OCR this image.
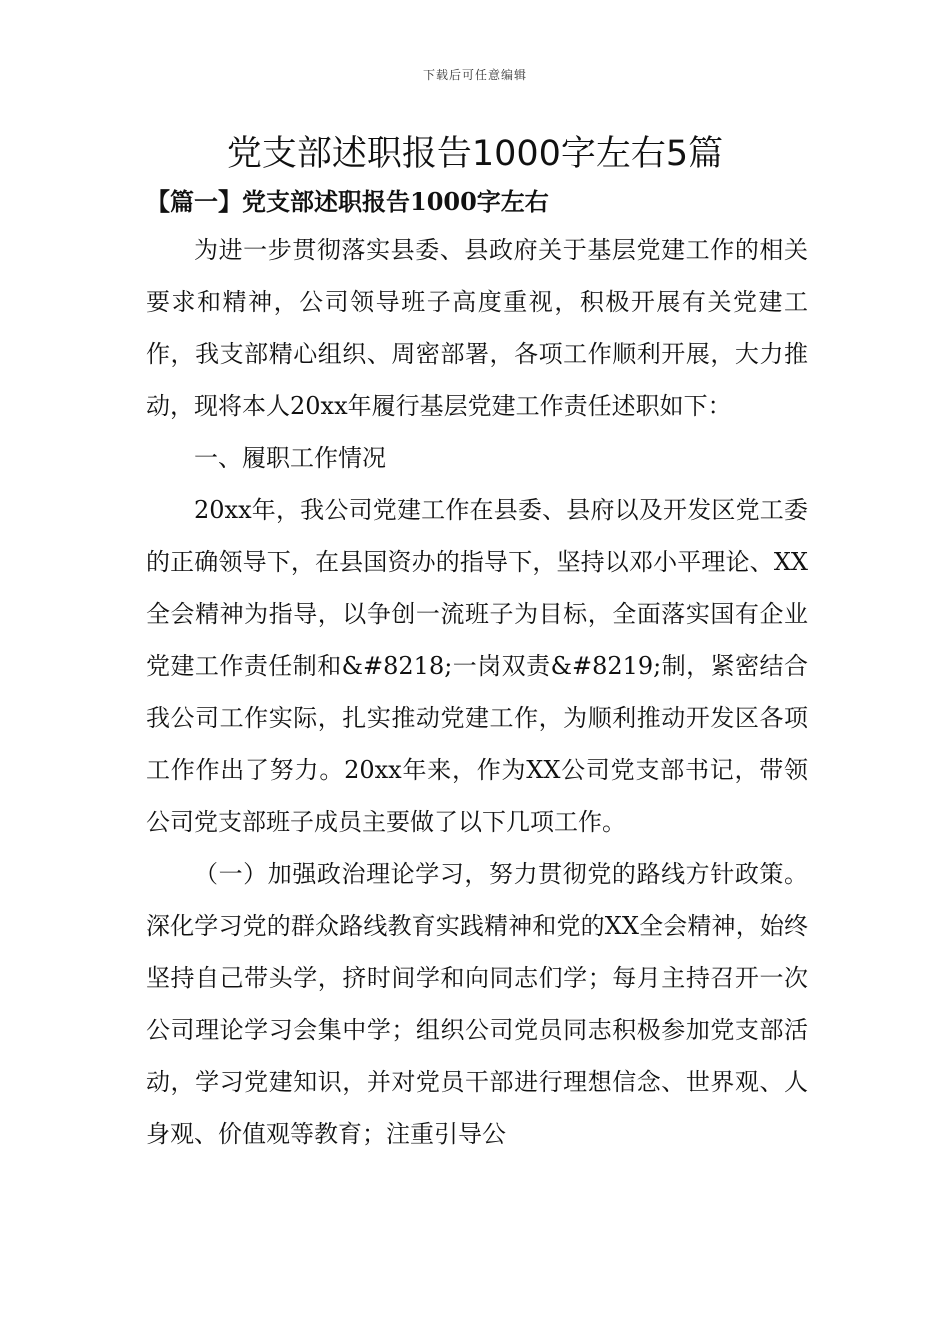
下载后可任意编辑
党支部述职报告1000字左右5篇
【篇一】党支部述职报告1000字左右

为进一步贯彻落实县委、县政府关于基层党建工作的相关要求和精神，公司领导班子高度重视，积极开展有关党建工作，我支部精心组织、周密部署，各项工作顺利开展，大力推动，现将本人20xx年履行基层党建工作责任述职如下：

一、履职工作情况

20xx年，我公司党建工作在县委、县府以及开发区党工委的正确领导下，在县国资办的指导下，坚持以邓小平理论、XX全会精神为指导，以争创一流班子为目标，全面落实国有企业党建工作责任制和&#8218;一岗双责&#8219;制，紧密结合我公司工作实际，扎实推动党建工作，为顺利推动开发区各项工作作出了努力。20xx年来，作为XX公司党支部书记，带领公司党支部班子成员主要做了以下几项工作。

（一）加强政治理论学习，努力贯彻党的路线方针政策。深化学习党的群众路线教育实践精神和党的XX全会精神，始终坚持自己带头学，挤时间学和向同志们学；每月主持召开一次公司理论学习会集中学；组织公司党员同志积极参加党支部活动，学习党建知识，并对党员干部进行理想信念、世界观、人身观、价值观等教育；注重引导公
